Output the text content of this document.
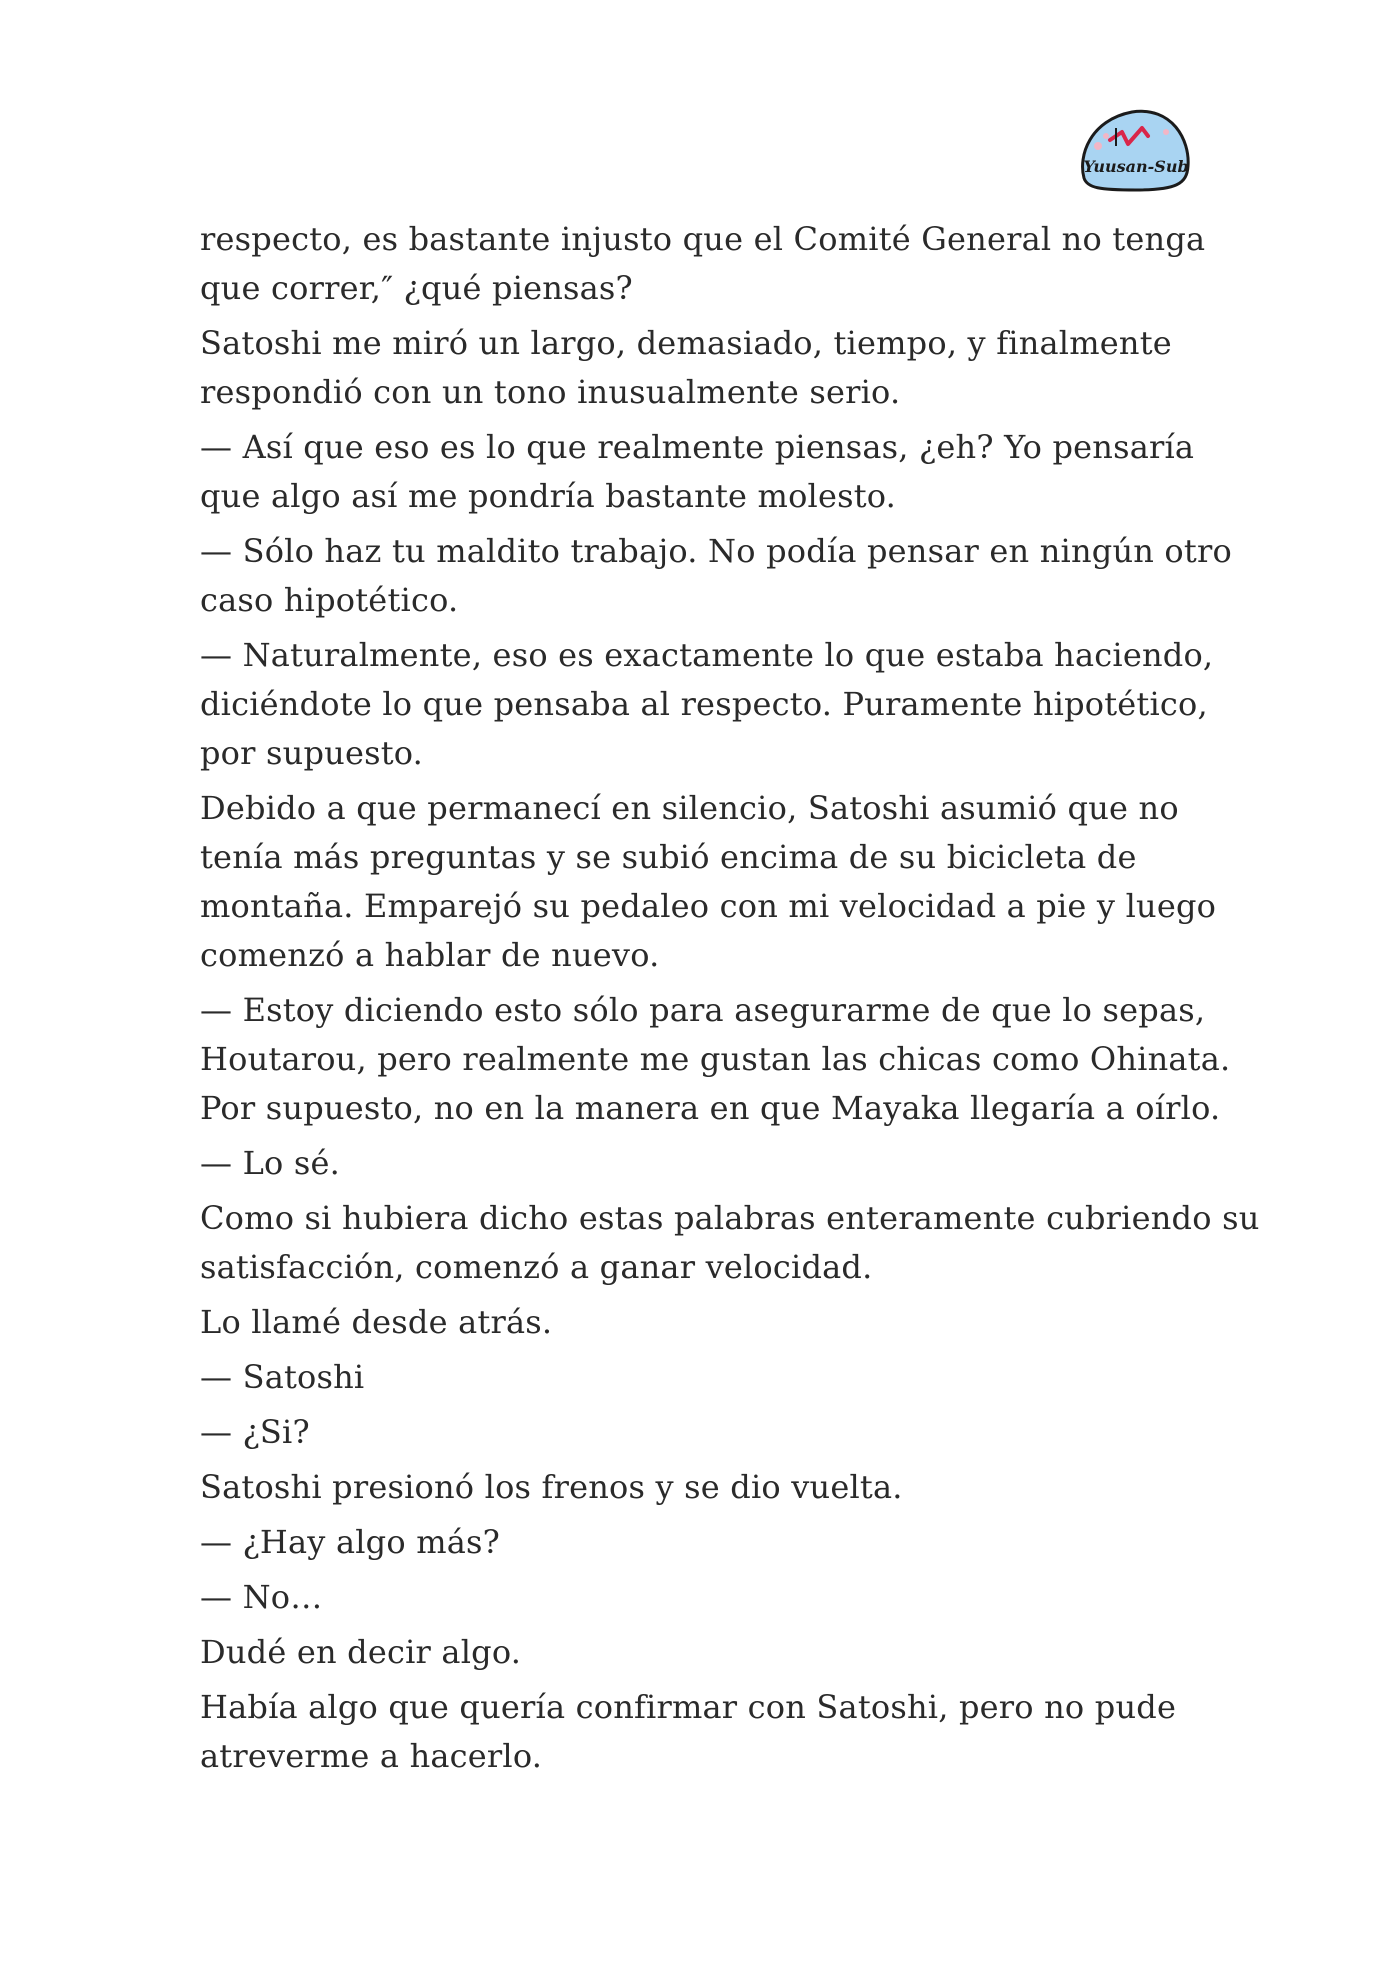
Yuusan-Sub

respecto, es bastante injusto que el Comité General no tenga
que correr,″ ¿qué piensas?

Satoshi me miró un largo, demasiado, tiempo, y finalmente
respondió con un tono inusualmente serio.

— Así que eso es lo que realmente piensas, ¿eh? Yo pensaría
que algo así me pondría bastante molesto.

— Sólo haz tu maldito trabajo. No podía pensar en ningún otro
caso hipotético.

— Naturalmente, eso es exactamente lo que estaba haciendo,
diciéndote lo que pensaba al respecto. Puramente hipotético,
por supuesto.

Debido a que permanecí en silencio, Satoshi asumió que no
tenía más preguntas y se subió encima de su bicicleta de
montaña. Emparejó su pedaleo con mi velocidad a pie y luego
comenzó a hablar de nuevo.

— Estoy diciendo esto sólo para asegurarme de que lo sepas,
Houtarou, pero realmente me gustan las chicas como Ohinata.
Por supuesto, no en la manera en que Mayaka llegaría a oírlo.

— Lo sé.

Como si hubiera dicho estas palabras enteramente cubriendo su
satisfacción, comenzó a ganar velocidad.

Lo llamé desde atrás.

— Satoshi

— ¿Si?

Satoshi presionó los frenos y se dio vuelta.

— ¿Hay algo más?

— No…

Dudé en decir algo.

Había algo que quería confirmar con Satoshi, pero no pude
atreverme a hacerlo.
